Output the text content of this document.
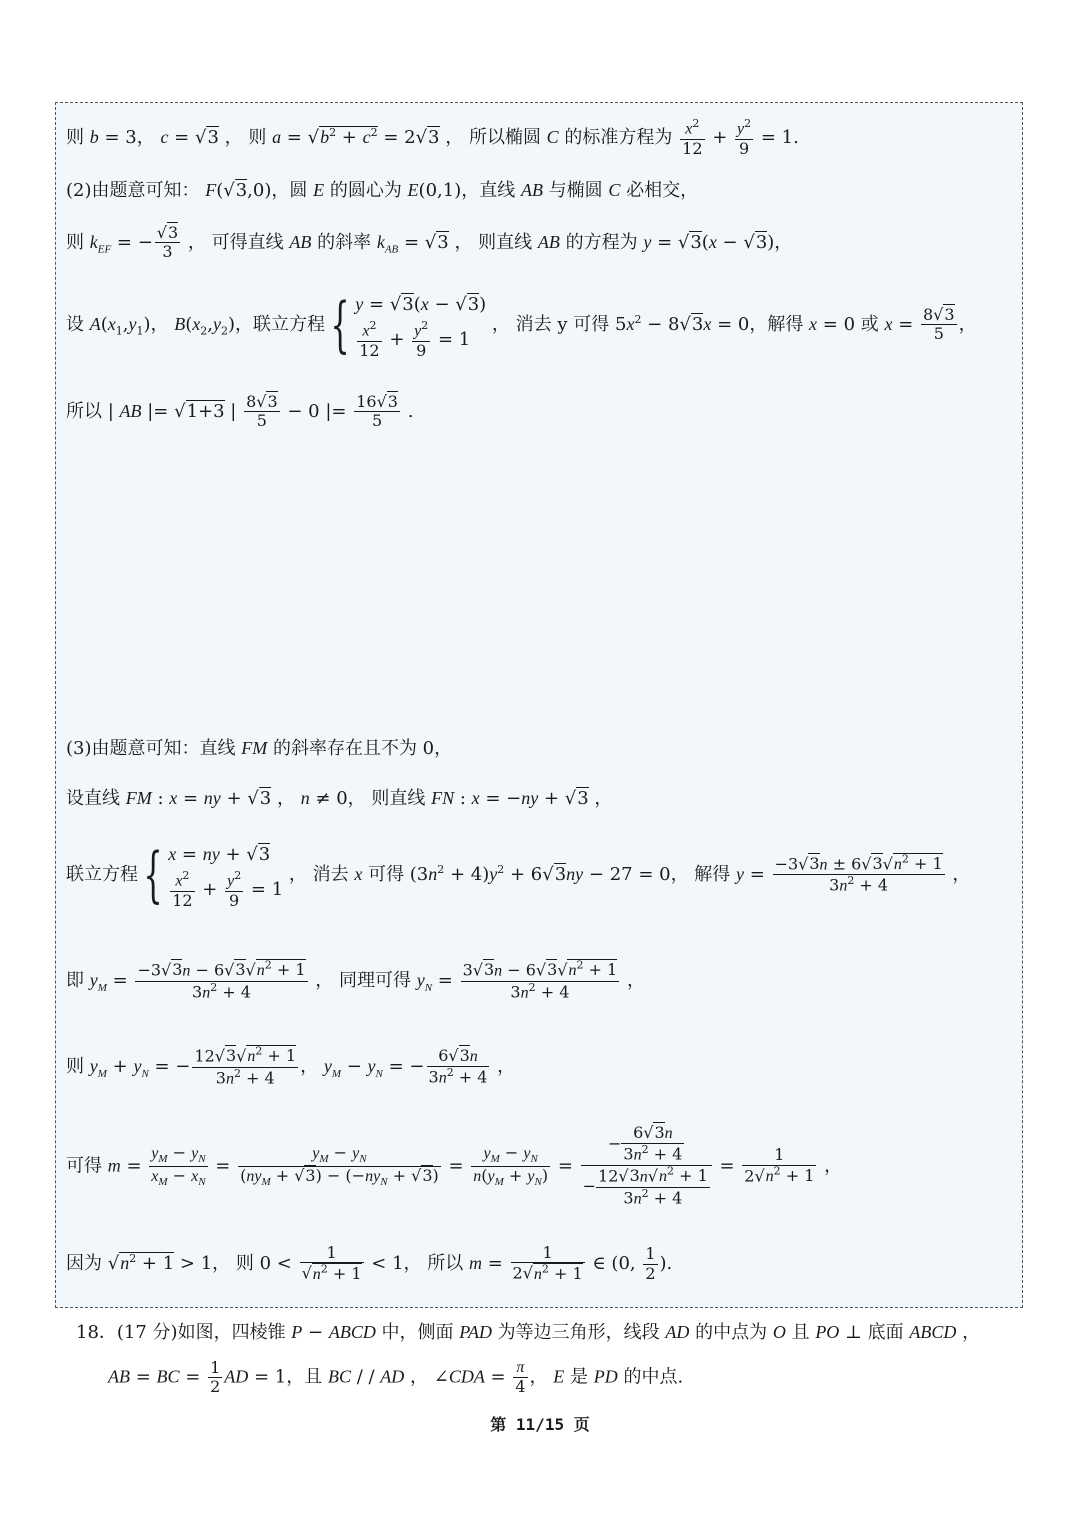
则 b = 3， c = √3 ， 则 $a = √b^2 + c^2 = 2√3$ ， 所以椭圆 C 的标准方程为 $\frac{x^2}{12} + \frac{y^2}{9} = 1$.
(2)由题意可知： F(√3,0)，圆 E 的圆心为 E(0,1)，直线 AB 与椭圆 C 必相交，
则 $k_{EF}$ = − $\frac{√3}{3}$ ， 可得直线 AB 的斜率 $k_{AB} = √3$ ， 则直线 AB 的方程为 y = √3(x − √3)，
设 $A(x_1,y_1)$， $B(x_2,y_2)$，联立方程{ y = √3(x − √3)
$\frac{x^2}{12} + \frac{y^2}{9} = 1$
， 消去 y 可得 $5x^2 - 8√3x = 0$，解得 x = 0 或 $x = \frac{8√3}{5}$ ，
所以 | AB |= √1+3 | $\frac{8√3}{5} - 0$ |= $\frac{16√3}{5}$ .
(3)由题意可知：直线 FM 的斜率存在且不为 0，
设直线 FM : x = ny + √3 ， n ≠ 0， 则直线 FN : x = −ny + √3 ，
联立方程{ x = ny + √3
$\frac{x^2}{12} + \frac{y^2}{9} = 1$
， 消去 x 可得 $(3n^2 + 4)y^2 + 6√3ny - 27 = 0$， 解得 $y = \frac{-3√3n \pm 6√3√n^2 + 1}{3n^2 + 4}$ ，
即 $y_M = \frac{-3√3n - 6√3√n^2 + 1}{3n^2 + 4}$ ， 同理可得 $y_N = \frac{3√3n - 6√3√n^2 + 1}{3n^2 + 4}$ ，
则 $y_M + y_N$ = − $\frac{12√3√n^2 + 1}{3n^2 + 4}$ ， $y_M - y_N$ = − $\frac{6√3n}{3n^2 + 4}$ ，
可得 $m = \frac{y_M - y_N}{x_M - x_N} = \frac{y_M - y_N}{(ny_M + √3) - (-ny_N + √3)} = \frac{y_M - y_N}{n(y_M + y_N)} = \frac{- \frac{6√3n}{3n^2 + 4}}{- \frac{12√3n√n^2 + 1}{3n^2 + 4}} = \frac{1}{2√n^2 + 1}$ ，
因为 $√n^2 + 1 > 1$， 则 $0 < \frac{1}{√n^2 + 1} < 1$， 所以 $m = \frac{1}{2√n^2 + 1}$ ∈ (0, $\frac{1}{2}$ ).
18．(17 分)如图，四棱锥 P − ABCD 中，侧面 PAD 为等边三角形，线段 AD 的中点为 O 且 PO ⊥ 底面 ABCD ，
AB = BC = $\frac{1}{2}$ AD = 1，且 BC / / AD ， ∠CDA = $\frac{\pi}{4}$ ， E 是 PD 的中点.
第 11/15 页
